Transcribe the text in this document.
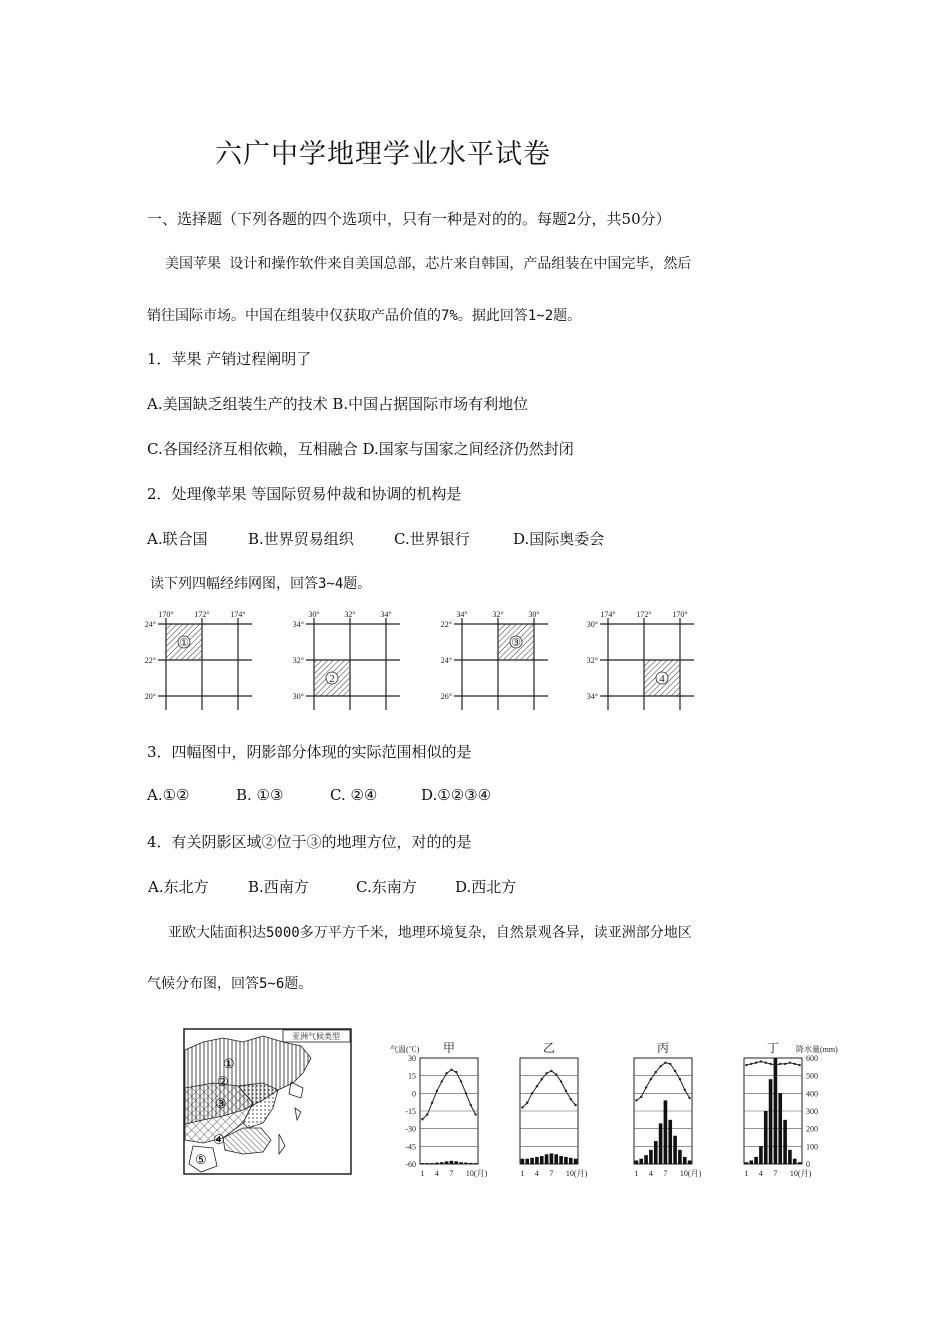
六广中学地理学业水平试卷
一、选择题（下列各题的四个选项中，只有一种是对的的。每题2分，共50分）
美国苹果 设计和操作软件来自美国总部，芯片来自韩国，产品组装在中国完毕，然后
销往国际市场。中国在组装中仅获取产品价值的7%。据此回答1~2题。
1．苹果 产销过程阐明了
A.美国缺乏组装生产的技术 B.中国占据国际市场有利地位
C.各国经济互相依赖，互相融合 D.国家与国家之间经济仍然封闭
2．处理像苹果 等国际贸易仲裁和协调的机构是
A.联合国	B.世界贸易组织	C.世界银行	D.国际奥委会
读下列四幅经纬网图，回答3~4题。
170°
24°
172°
22°
174°
20°
①
30°
34°
32°
32°
34°
30°
2
34°
22°
32°
24°
30°
26°
③
174°
30°
172°
32°
170°
34°
4
3．四幅图中，阴影部分体现的实际范围相似的是
A.①②	B. ①③	C. ②④	D.①②③④
4．有关阴影区域②位于③的地理方位，对的的是
A.东北方	B.西南方	C.东南方	D.西北方
亚欧大陆面积达5000多万平方千米，地理环境复杂，自然景观各异，读亚洲部分地区
气候分布图，回答5~6题。
亚洲气候类型
①
②
③
④
⑤
气温(℃)	降水量(mm)
30
15
0
-15
-30
-45
-60
600
500
400
300
200
100
0
甲
1 4 7 10(月)
乙
1 4 7 10(月)
丙
1 4 7 10(月)
丁
1 4 7 10(月)
